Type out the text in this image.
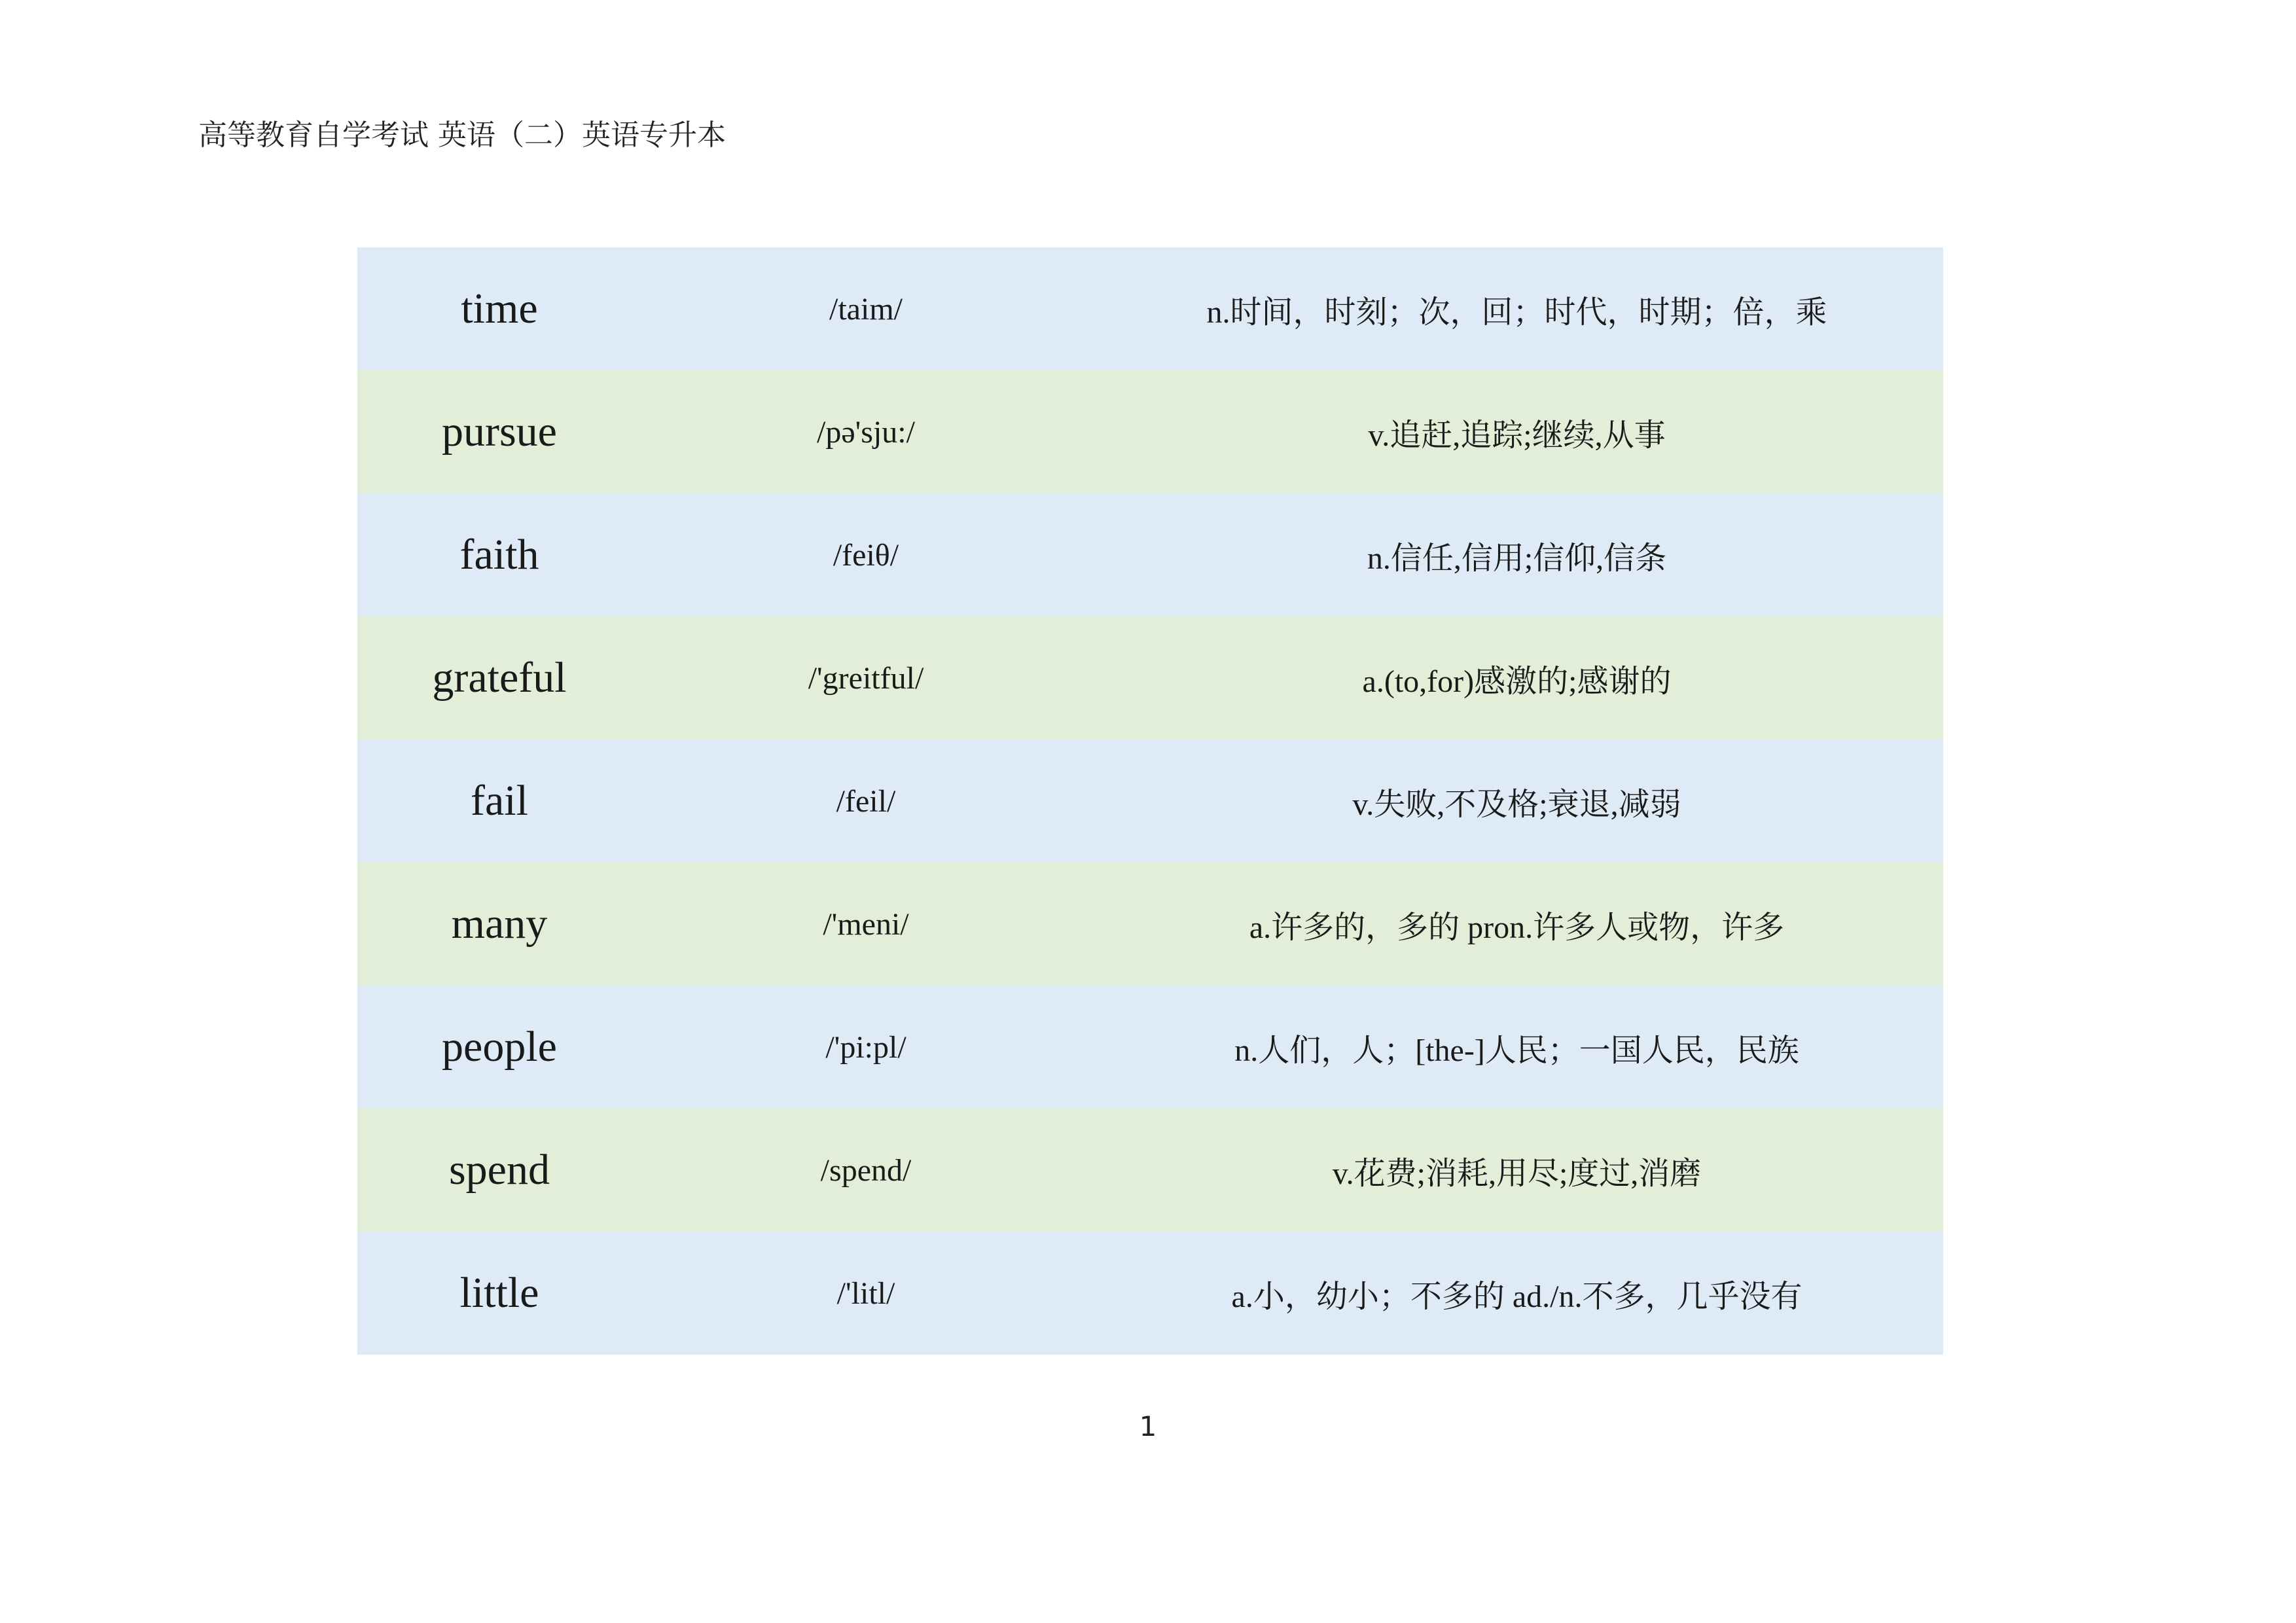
高等教育自学考试 英语（二）英语专升本
time	/taim/	n.时间，时刻；次，回；时代，时期；倍，乘
pursue	/pə'sju:/	v.追赶,追踪;继续,从事
faith	/feiθ/	n.信任,信用;信仰,信条
grateful	/'greitful/	a.(to,for)感激的;感谢的
fail	/feil/	v.失败,不及格;衰退,减弱
many	/'meni/	a.许多的，多的 pron.许多人或物，许多
people	/'pi:pl/	n.人们，人；[the-]人民；一国人民，民族
spend	/spend/	v.花费;消耗,用尽;度过,消磨
little	/'litl/	a.小，幼小；不多的 ad./n.不多，几乎没有
1
